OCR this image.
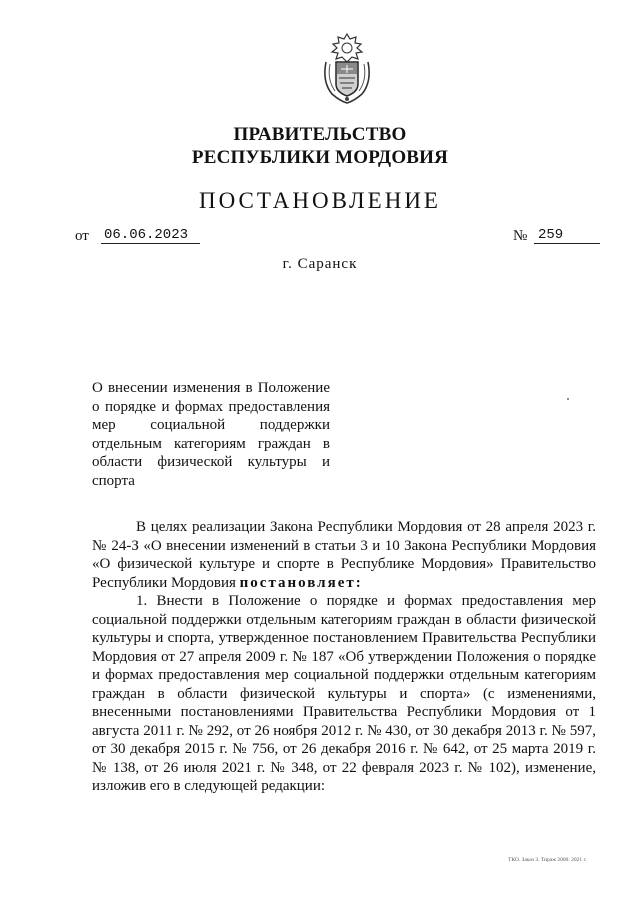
ПРАВИТЕЛЬСТВО
РЕСПУБЛИКИ МОРДОВИЯ
ПОСТАНОВЛЕНИЕ
от 06.06.2023	№ 259
г. Саранск
О внесении изменения в Положение о порядке и формах предоставления мер социальной поддержки отдельным категориям граждан в области физической культуры и спорта

В целях реализации Закона Республики Мордовия от 28 апреля 2023 г. № 24-З «О внесении изменений в статьи 3 и 10 Закона Республики Мордовия «О физической культуре и спорте в Республике Мордовия» Правительство Республики Мордовия постановляет:

1. Внести в Положение о порядке и формах предоставления мер социальной поддержки отдельным категориям граждан в области физической культуры и спорта, утвержденное постановлением Правительства Республики Мордовия от 27 апреля 2009 г. № 187 «Об утверждении Положения о порядке и формах предоставления мер социальной поддержки отдельным категориям граждан в области физической культуры и спорта» (с изменениями, внесенными постановлениями Правительства Республики Мордовия от 1 августа 2011 г. № 292, от 26 ноября 2012 г. № 430, от 30 декабря 2013 г. № 597, от 30 декабря 2015 г. № 756, от 26 декабря 2016 г. № 642, от 25 марта 2019 г. № 138, от 26 июля 2021 г. № 348, от 22 февраля 2023 г. № 102), изменение, изложив его в следующей редакции:

ТКО. Заказ 3. Тираж 2000. 2021 г.
